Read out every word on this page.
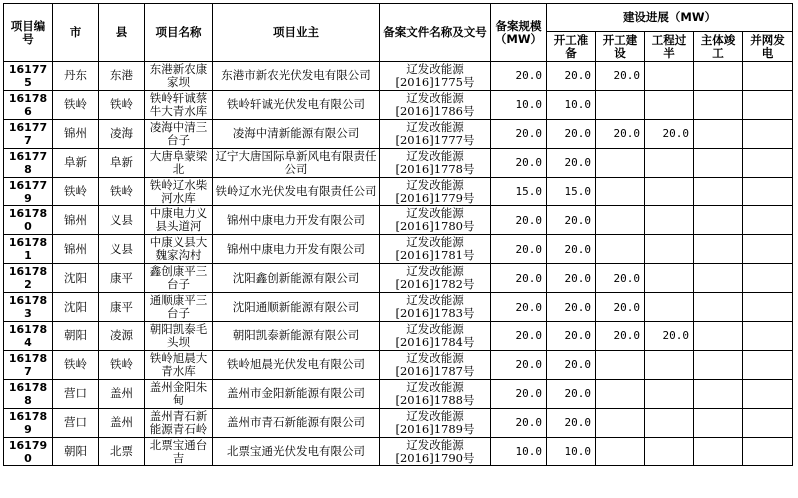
项目编号	市	县	项目名称	项目业主	备案文件名称及文号	备案规模（MW）	建设进展（MW）				
							开工准备	开工建设	工程过半	主体竣工	并网发电
161775	丹东	东港	东港新农康家坝	东港市新农光伏发电有限公司	辽发改能源
[2016]1775号	20.0	20.0	20.0			
161786	铁岭	铁岭	铁岭轩诚蔡牛大青水库	铁岭轩诚光伏发电有限公司	辽发改能源
[2016]1786号	10.0	10.0				
161777	锦州	凌海	凌海中清三台子	凌海中清新能源有限公司	辽发改能源
[2016]1777号	20.0	20.0	20.0	20.0		
161778	阜新	阜新	大唐阜蒙梁北	辽宁大唐国际阜新风电有限责任公司	辽发改能源
[2016]1778号	20.0	20.0				
161779	铁岭	铁岭	铁岭辽水柴河水库	铁岭辽水光伏发电有限责任公司	辽发改能源
[2016]1779号	15.0	15.0				
161780	锦州	义县	中康电力义县头道河	锦州中康电力开发有限公司	辽发改能源
[2016]1780号	20.0	20.0				
161781	锦州	义县	中康义县大魏家沟村	锦州中康电力开发有限公司	辽发改能源
[2016]1781号	20.0	20.0				
161782	沈阳	康平	鑫创康平三台子	沈阳鑫创新能源有限公司	辽发改能源
[2016]1782号	20.0	20.0	20.0			
161783	沈阳	康平	通顺康平三台子	沈阳通顺新能源有限公司	辽发改能源
[2016]1783号	20.0	20.0	20.0			
161784	朝阳	凌源	朝阳凯泰毛头坝	朝阳凯泰新能源有限公司	辽发改能源
[2016]1784号	20.0	20.0	20.0	20.0		
161787	铁岭	铁岭	铁岭旭晨大青水库	铁岭旭晨光伏发电有限公司	辽发改能源
[2016]1787号	20.0	20.0				
161788	营口	盖州	盖州金阳朱甸	盖州市金阳新能源有限公司	辽发改能源
[2016]1788号	20.0	20.0				
161789	营口	盖州	盖州青石新能源青石岭	盖州市青石新能源有限公司	辽发改能源
[2016]1789号	20.0	20.0				
161790	朝阳	北票	北票宝通台吉	北票宝通光伏发电有限公司	辽发改能源
[2016]1790号	10.0	10.0				
